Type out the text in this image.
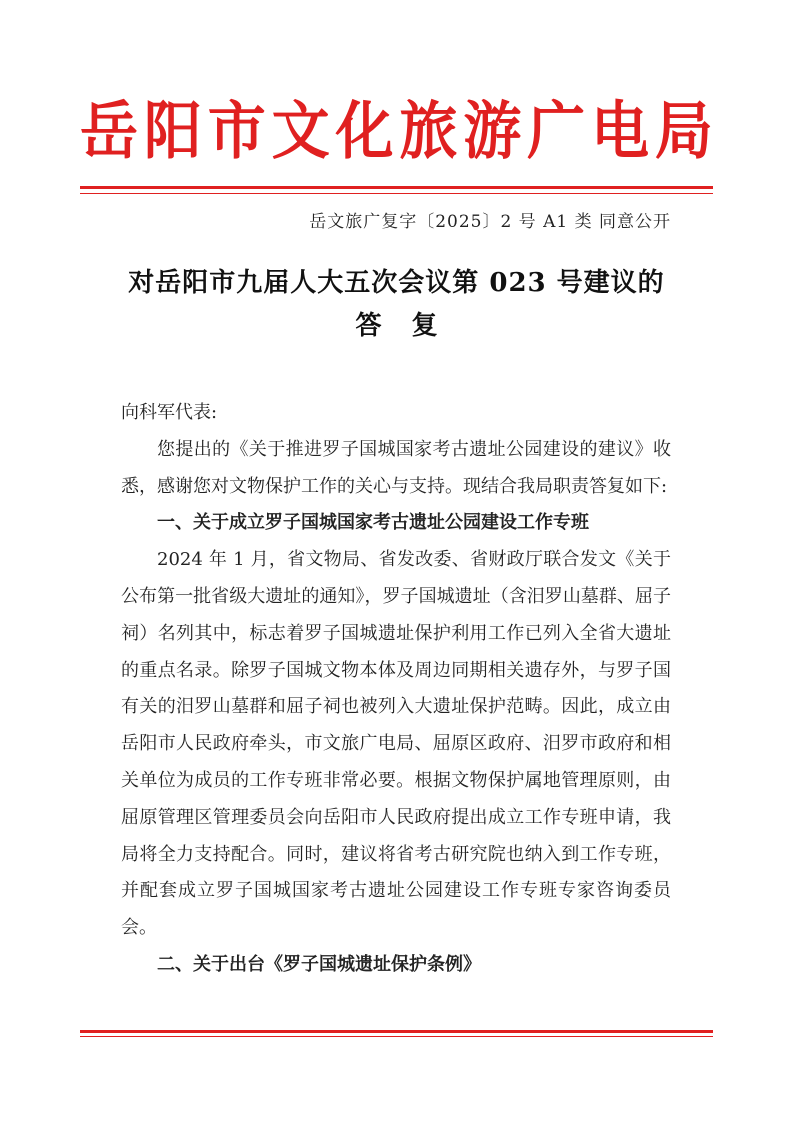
岳 阳 市 文 化 旅 游 广 电 局
岳文旅广复字〔2025〕2 号 A1 类 同意公开
对岳阳市九届人大五次会议第 023 号建议的
答复

向科军代表:

您提出的《关于推进罗子国城国家考古遗址公园建设的建议》收悉，感谢您对文物保护工作的关心与支持。现结合我局职责答复如下:

一、关于成立罗子国城国家考古遗址公园建设工作专班

2024 年 1 月，省文物局、省发改委、省财政厅联合发文《关于公布第一批省级大遗址的通知》，罗子国城遗址（含汨罗山墓群、屈子祠）名列其中，标志着罗子国城遗址保护利用工作已列入全省大遗址的重点名录。除罗子国城文物本体及周边同期相关遗存外，与罗子国有关的汨罗山墓群和屈子祠也被列入大遗址保护范畴。因此，成立由岳阳市人民政府牵头，市文旅广电局、屈原区政府、汨罗市政府和相关单位为成员的工作专班非常必要。根据文物保护属地管理原则，由屈原管理区管理委员会向岳阳市人民政府提出成立工作专班申请，我局将全力支持配合。同时，建议将省考古研究院也纳入到工作专班，并配套成立罗子国城国家考古遗址公园建设工作专班专家咨询委员会。

二、关于出台《罗子国城遗址保护条例》
